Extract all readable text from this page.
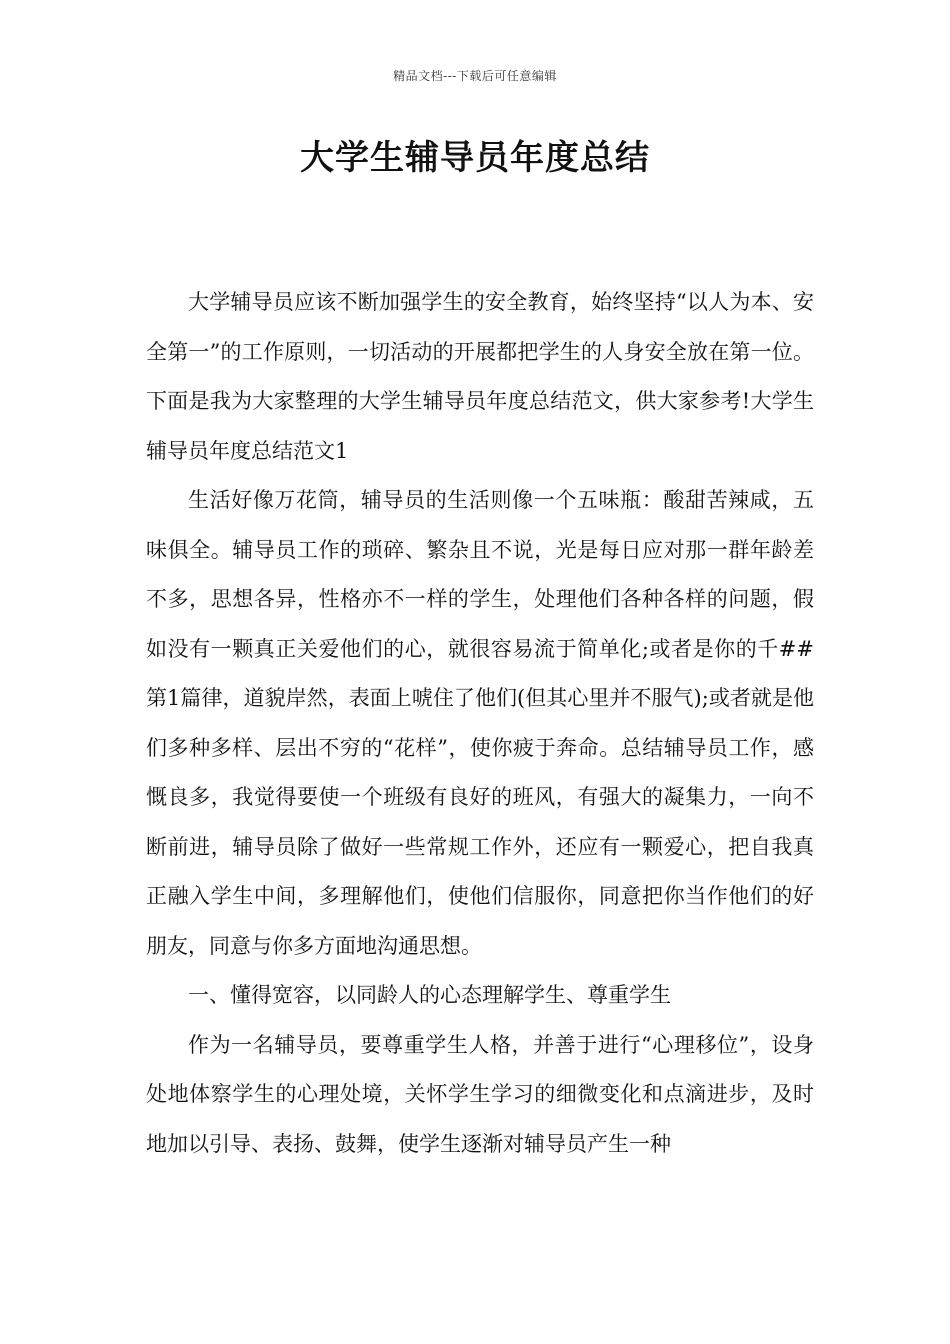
精品文档---下载后可任意编辑
大学生辅导员年度总结

大学辅导员应该不断加强学生的安全教育，始终坚持“以人为本、安全第一”的工作原则，一切活动的开展都把学生的人身安全放在第一位。下面是我为大家整理的大学生辅导员年度总结范文，供大家参考!大学生辅导员年度总结范文1

生活好像万花筒，辅导员的生活则像一个五味瓶：酸甜苦辣咸，五味俱全。辅导员工作的琐碎、繁杂且不说，光是每日应对那一群年龄差不多，思想各异，性格亦不一样的学生，处理他们各种各样的问题，假如没有一颗真正关爱他们的心，就很容易流于简单化;或者是你的千##第1篇律，道貌岸然，表面上唬住了他们(但其心里并不服气);或者就是他们多种多样、层出不穷的“花样”，使你疲于奔命。总结辅导员工作，感慨良多，我觉得要使一个班级有良好的班风，有强大的凝集力，一向不断前进，辅导员除了做好一些常规工作外，还应有一颗爱心，把自我真正融入学生中间，多理解他们，使他们信服你，同意把你当作他们的好朋友，同意与你多方面地沟通思想。

一、懂得宽容，以同龄人的心态理解学生、尊重学生

作为一名辅导员，要尊重学生人格，并善于进行“心理移位”，设身处地体察学生的心理处境，关怀学生学习的细微变化和点滴进步，及时地加以引导、表扬、鼓舞，使学生逐渐对辅导员产生一种
